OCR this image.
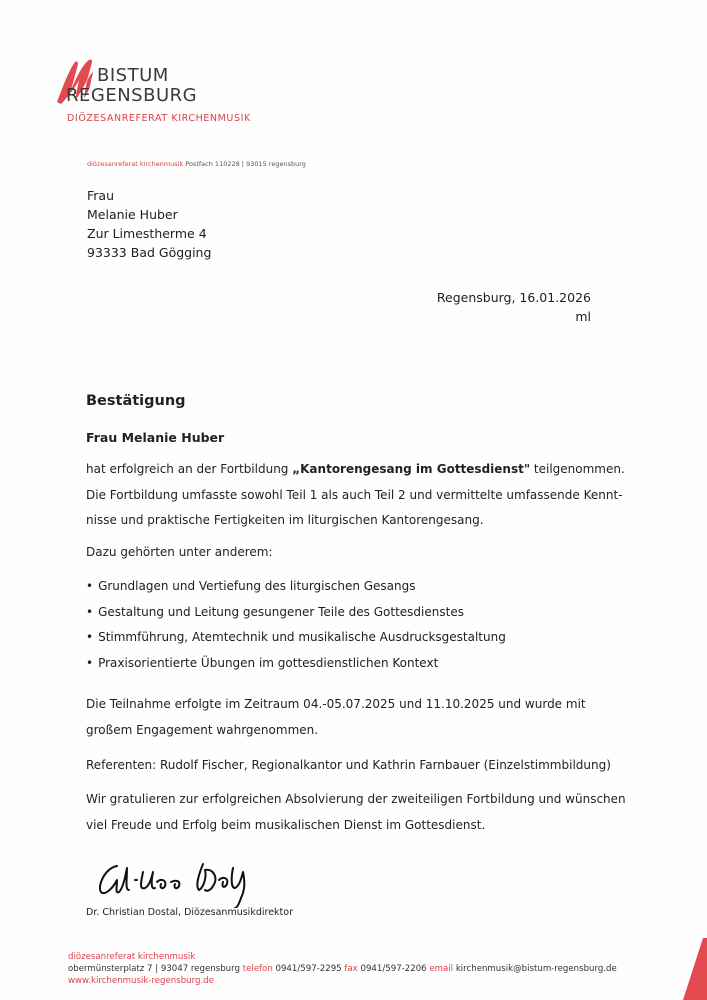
BISTUM
REGENSBURG
DIÖZESANREFERAT KIRCHENMUSIK
diözesanreferat kirchenmusik Postfach 110228 | 93015 regensburg
Frau
Melanie Huber
Zur Limestherme 4
93333 Bad Gögging
Regensburg, 16.01.2026
ml
Bestätigung
Frau Melanie Huber
hat erfolgreich an der Fortbildung „Kantorengesang im Gottesdienst" teilgenommen.
Die Fortbildung umfasste sowohl Teil 1 als auch Teil 2 und vermittelte umfassende Kennt-
nisse und praktische Fertigkeiten im liturgischen Kantorengesang.
Dazu gehörten unter anderem:
• Grundlagen und Vertiefung des liturgischen Gesangs
• Gestaltung und Leitung gesungener Teile des Gottesdienstes
• Stimmführung, Atemtechnik und musikalische Ausdrucksgestaltung
• Praxisorientierte Übungen im gottesdienstlichen Kontext
Die Teilnahme erfolgte im Zeitraum 04.-05.07.2025 und 11.10.2025 und wurde mit
großem Engagement wahrgenommen.
Referenten: Rudolf Fischer, Regionalkantor und Kathrin Farnbauer (Einzelstimmbildung)
Wir gratulieren zur erfolgreichen Absolvierung der zweiteiligen Fortbildung und wünschen
viel Freude und Erfolg beim musikalischen Dienst im Gottesdienst.
Dr. Christian Dostal, Diözesanmusikdirektor
diözesanreferat kirchenmusik
obermünsterplatz 7 | 93047 regensburg telefon 0941/597-2295 fax 0941/597-2206 email kirchenmusik@bistum-regensburg.de
www.kirchenmusik-regensburg.de
